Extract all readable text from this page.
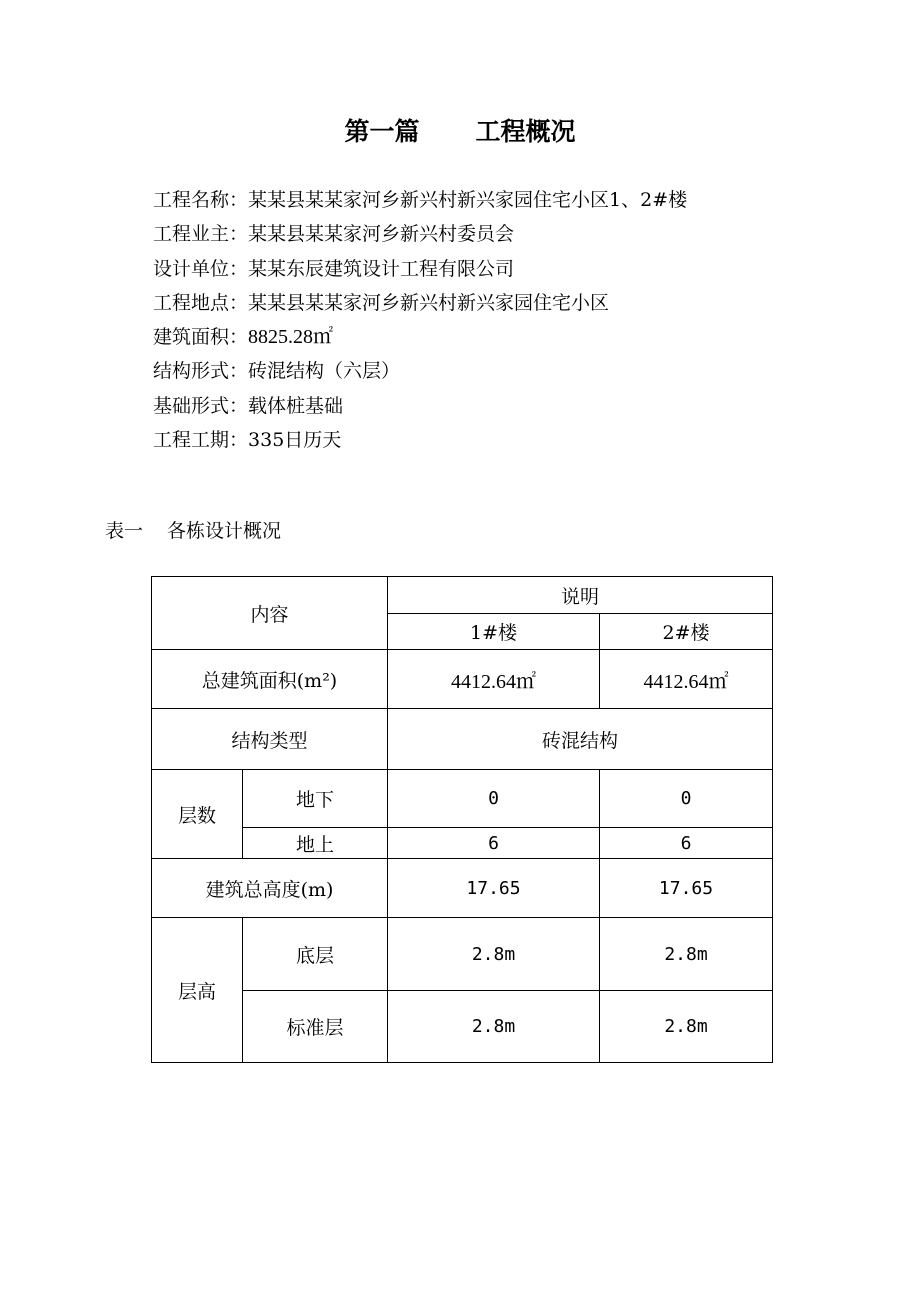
第一篇 工程概况
工程名称：某某县某某家河乡新兴村新兴家园住宅小区1、2#楼
工程业主：某某县某某家河乡新兴村委员会
设计单位：某某东辰建筑设计工程有限公司
工程地点：某某县某某家河乡新兴村新兴家园住宅小区
建筑面积：8825.28㎡
结构形式：砖混结构（六层）
基础形式：载体桩基础
工程工期：335日历天
表一 各栋设计概况
内容		说明	
		1#楼	2#楼
总建筑面积(m²)		4412.64㎡	4412.64㎡
结构类型		砖混结构	
层数	地下	0	0
	地上	6	6
建筑总高度(m)		17.65	17.65
层高	底层	2.8m	2.8m
	标准层	2.8m	2.8m
